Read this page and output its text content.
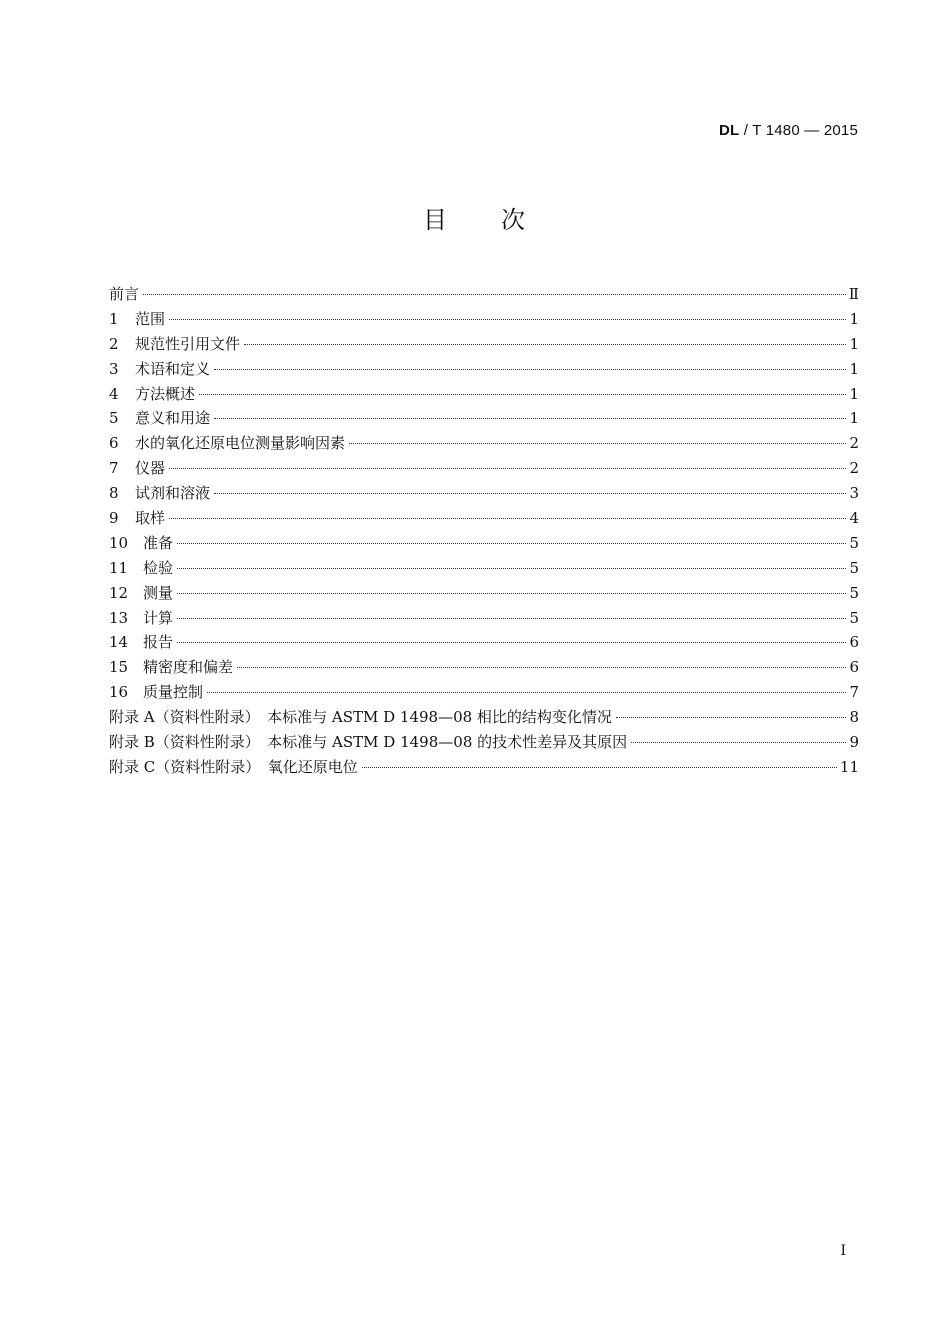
DL / T 1480 — 2015
目　　次
前言	Ⅱ
1	范围	1
2	规范性引用文件	1
3	术语和定义	1
4	方法概述	1
5	意义和用途	1
6	水的氧化还原电位测量影响因素	2
7	仪器	2
8	试剂和溶液	3
9	取样	4
10 准备	5
11 检验	5
12 测量	5
13 计算	5
14 报告	6
15 精密度和偏差	6
16 质量控制	7
附录 A（资料性附录）　本标准与 ASTM D 1498—08 相比的结构变化情况	8
附录 B（资料性附录）　本标准与 ASTM D 1498—08 的技术性差异及其原因	9
附录 C（资料性附录）　氧化还原电位	11
I
